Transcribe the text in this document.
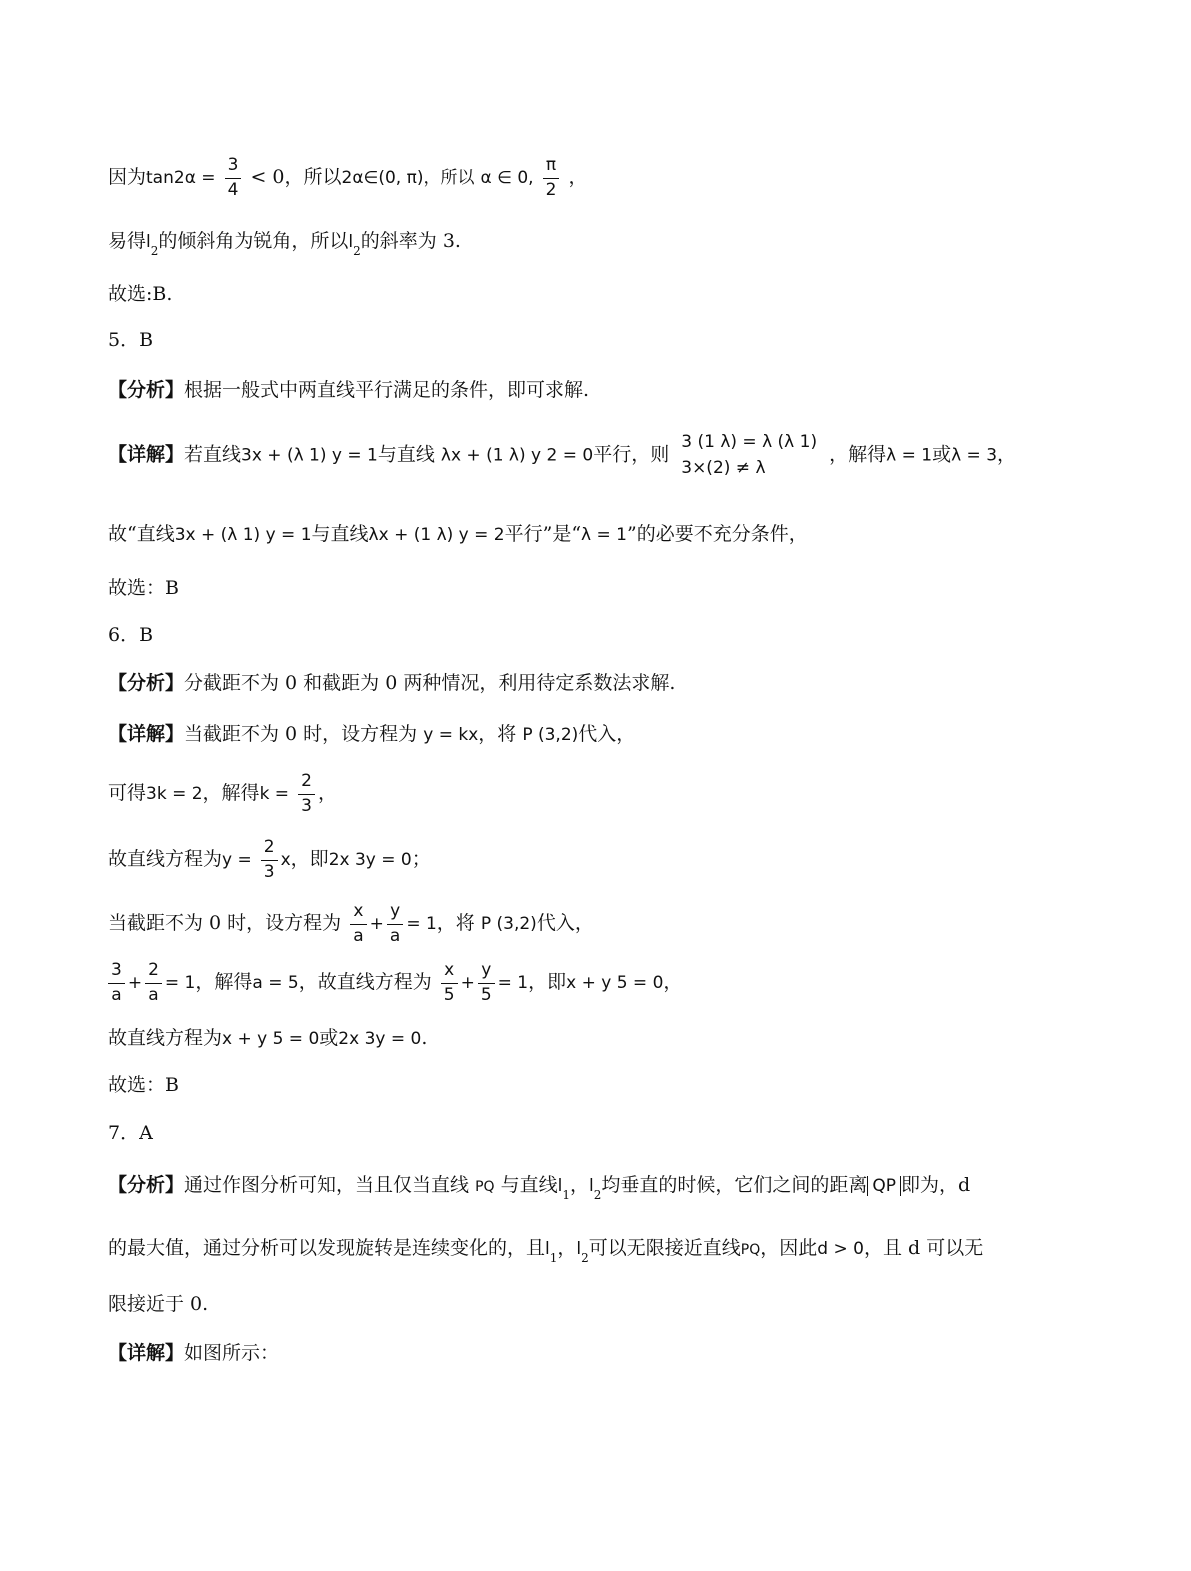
因为$\tan 2\alpha = \frac{3}{4} < 0$，所以2α∈(0, π)，所以 α ∈ 0, $\frac{\pi}{2}$ ，
易得$l_2$的倾斜角为锐角，所以$l_2$的斜率为 3.
故选:B.
5．B
【分析】根据一般式中两直线平行满足的条件，即可求解.
【详解】若直线3x + (λ 1) y = 1与直线 λx + (1 λ) y 2 = 0平行，则
3 (1 λ) = λ (λ 1)
3×(2) ≠ λ
，解得λ = 1或λ = 3，
故“直线3x + (λ 1) y = 1与直线λx + (1 λ) y = 2平行”是“λ = 1”的必要不充分条件，
故选：B
6．B
【分析】分截距不为 0 和截距为 0 两种情况，利用待定系数法求解.
【详解】当截距不为 0 时，设方程为 y = kx，将 P (3,2)代入，
可得3k = 2，解得$k = \frac{2}{3}$ ，
故直线方程为$y = \frac{2}{3}$ x，即2x 3y = 0；
当截距不为 0 时，设方程为 $\frac{x}{a} + \frac{y}{a} = 1$，将 P (3,2)代入，
$\frac{3}{a} + \frac{2}{a} = 1$，解得a = 5，故直线方程为 $\frac{x}{5} + \frac{y}{5} = 1$，即x + y 5 = 0，
故直线方程为x + y 5 = 0或2x 3y = 0.
故选：B
7．A
【分析】通过作图分析可知，当且仅当直线 PQ 与直线$l_1$，$l_2$均垂直的时候，它们之间的距离 QP 即为，d
的最大值，通过分析可以发现旋转是连续变化的，且$l_1$，$l_2$可以无限接近直线PQ，因此d > 0，且 d 可以无
限接近于 0.
【详解】如图所示：
